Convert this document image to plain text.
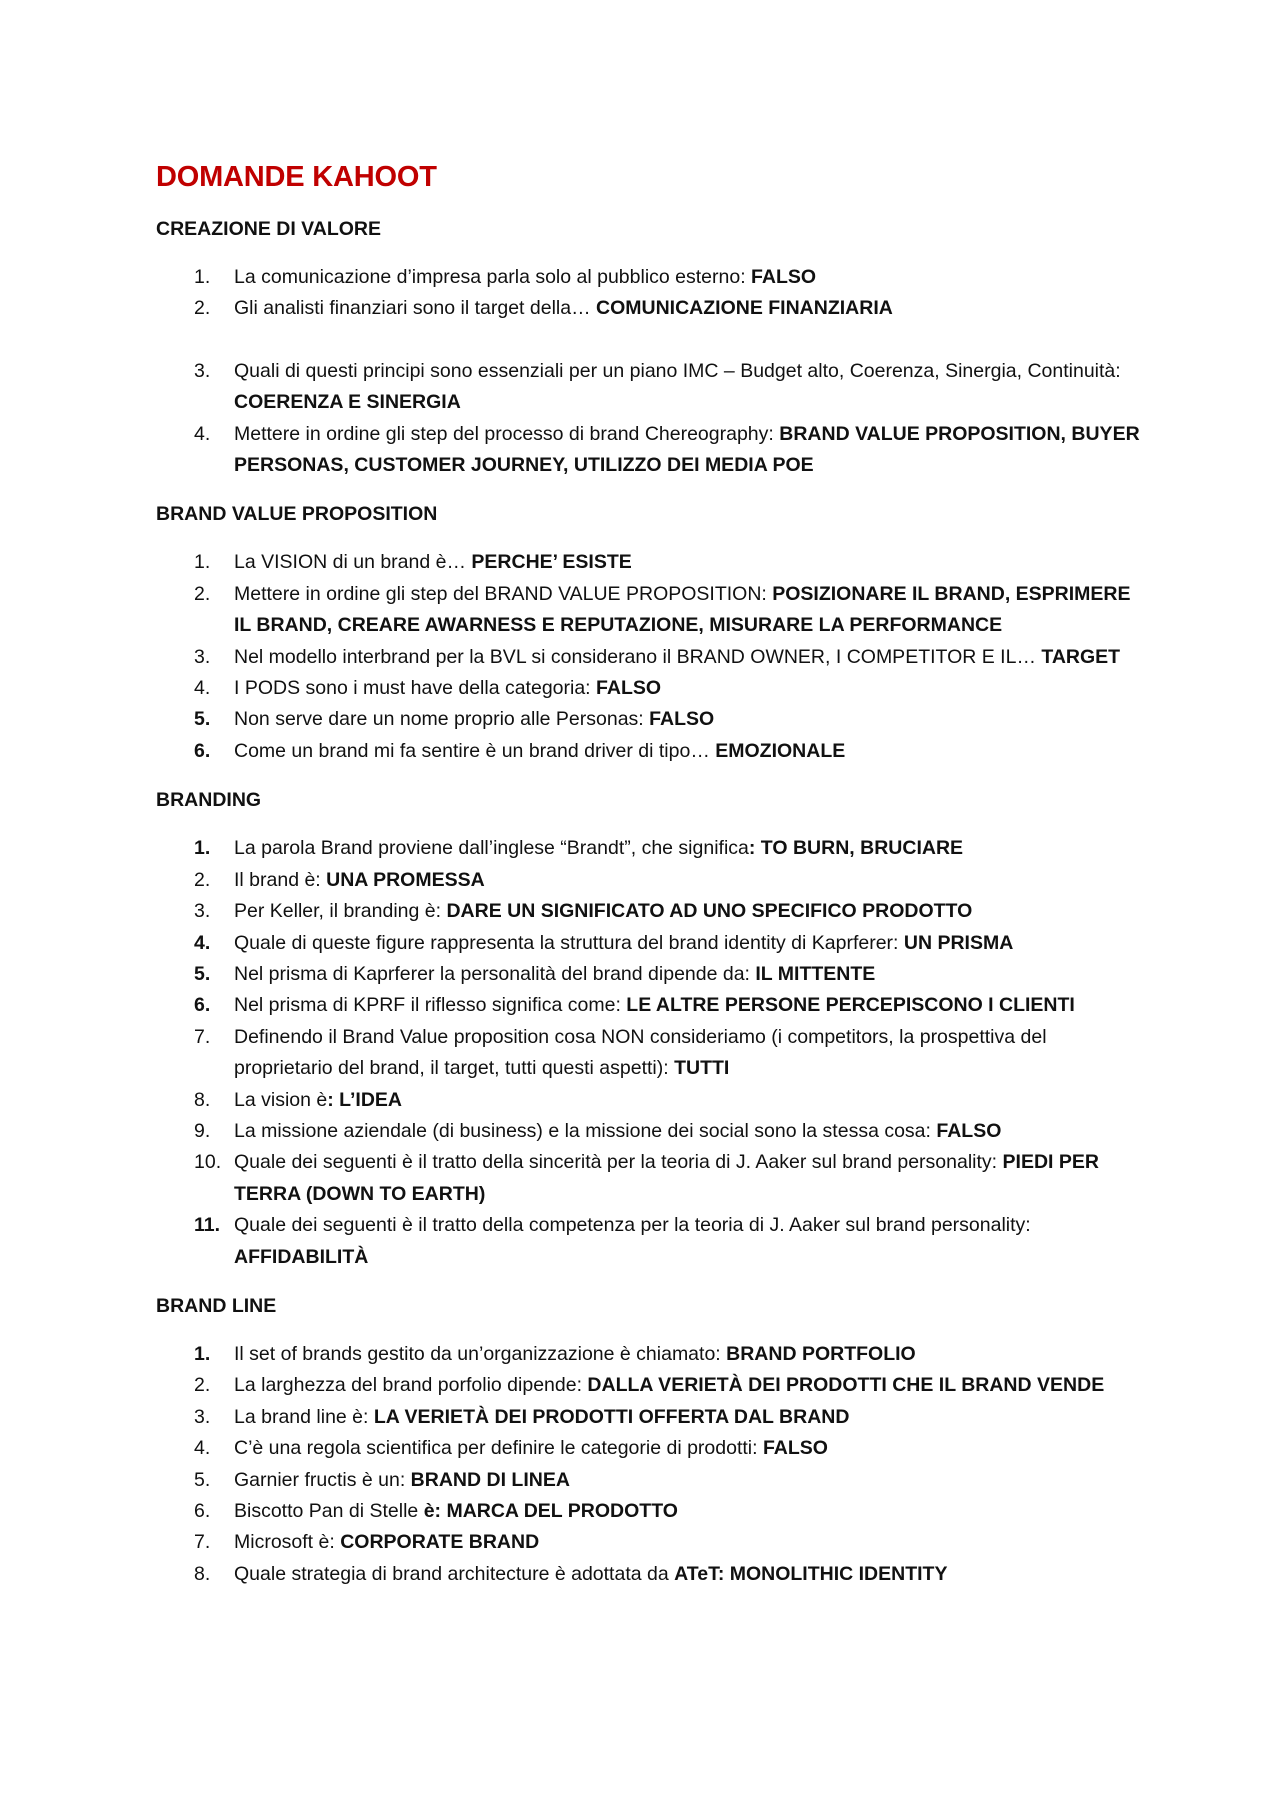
DOMANDE KAHOOT
CREAZIONE DI VALORE
1.	La comunicazione d’impresa parla solo al pubblico esterno: FALSO
2.	Gli analisti finanziari sono il target della… COMUNICAZIONE FINANZIARIA
3.	Quali di questi principi sono essenziali per un piano IMC – Budget alto, Coerenza, Sinergia, Continuità: COERENZA E SINERGIA
4.	Mettere in ordine gli step del processo di brand Chereography: BRAND VALUE PROPOSITION, BUYER PERSONAS, CUSTOMER JOURNEY, UTILIZZO DEI MEDIA POE
BRAND VALUE PROPOSITION
1.	La VISION di un brand è… PERCHE’ ESISTE
2.	Mettere in ordine gli step del BRAND VALUE PROPOSITION: POSIZIONARE IL BRAND, ESPRIMERE IL BRAND, CREARE AWARNESS E REPUTAZIONE, MISURARE LA PERFORMANCE
3.	Nel modello interbrand per la BVL si considerano il BRAND OWNER, I COMPETITOR E IL… TARGET
4.	I PODS sono i must have della categoria: FALSO
5.	Non serve dare un nome proprio alle Personas: FALSO
6.	Come un brand mi fa sentire è un brand driver di tipo… EMOZIONALE
BRANDING
1.	La parola Brand proviene dall’inglese “Brandt”, che significa: TO BURN, BRUCIARE
2.	Il brand è: UNA PROMESSA
3.	Per Keller, il branding è: DARE UN SIGNIFICATO AD UNO SPECIFICO PRODOTTO
4.	Quale di queste figure rappresenta la struttura del brand identity di Kaprferer: UN PRISMA
5.	Nel prisma di Kaprferer la personalità del brand dipende da: IL MITTENTE
6.	Nel prisma di KPRF il riflesso significa come: LE ALTRE PERSONE PERCEPISCONO I CLIENTI
7.	Definendo il Brand Value proposition cosa NON consideriamo (i competitors, la prospettiva del proprietario del brand, il target, tutti questi aspetti): TUTTI
8.	La vision è: L’IDEA
9.	La missione aziendale (di business) e la missione dei social sono la stessa cosa: FALSO
10. Quale dei seguenti è il tratto della sincerità per la teoria di J. Aaker sul brand personality: PIEDI PER TERRA (DOWN TO EARTH)
11. Quale dei seguenti è il tratto della competenza per la teoria di J. Aaker sul brand personality: AFFIDABILITÀ
BRAND LINE
1.	Il set of brands gestito da un’organizzazione è chiamato: BRAND PORTFOLIO
2.	La larghezza del brand porfolio dipende: DALLA VERIETÀ DEI PRODOTTI CHE IL BRAND VENDE
3.	La brand line è: LA VERIETÀ DEI PRODOTTI OFFERTA DAL BRAND
4.	C’è una regola scientifica per definire le categorie di prodotti: FALSO
5.	Garnier fructis è un: BRAND DI LINEA
6.	Biscotto Pan di Stelle è: MARCA DEL PRODOTTO
7.	Microsoft è: CORPORATE BRAND
8.	Quale strategia di brand architecture è adottata da ATeT: MONOLITHIC IDENTITY
